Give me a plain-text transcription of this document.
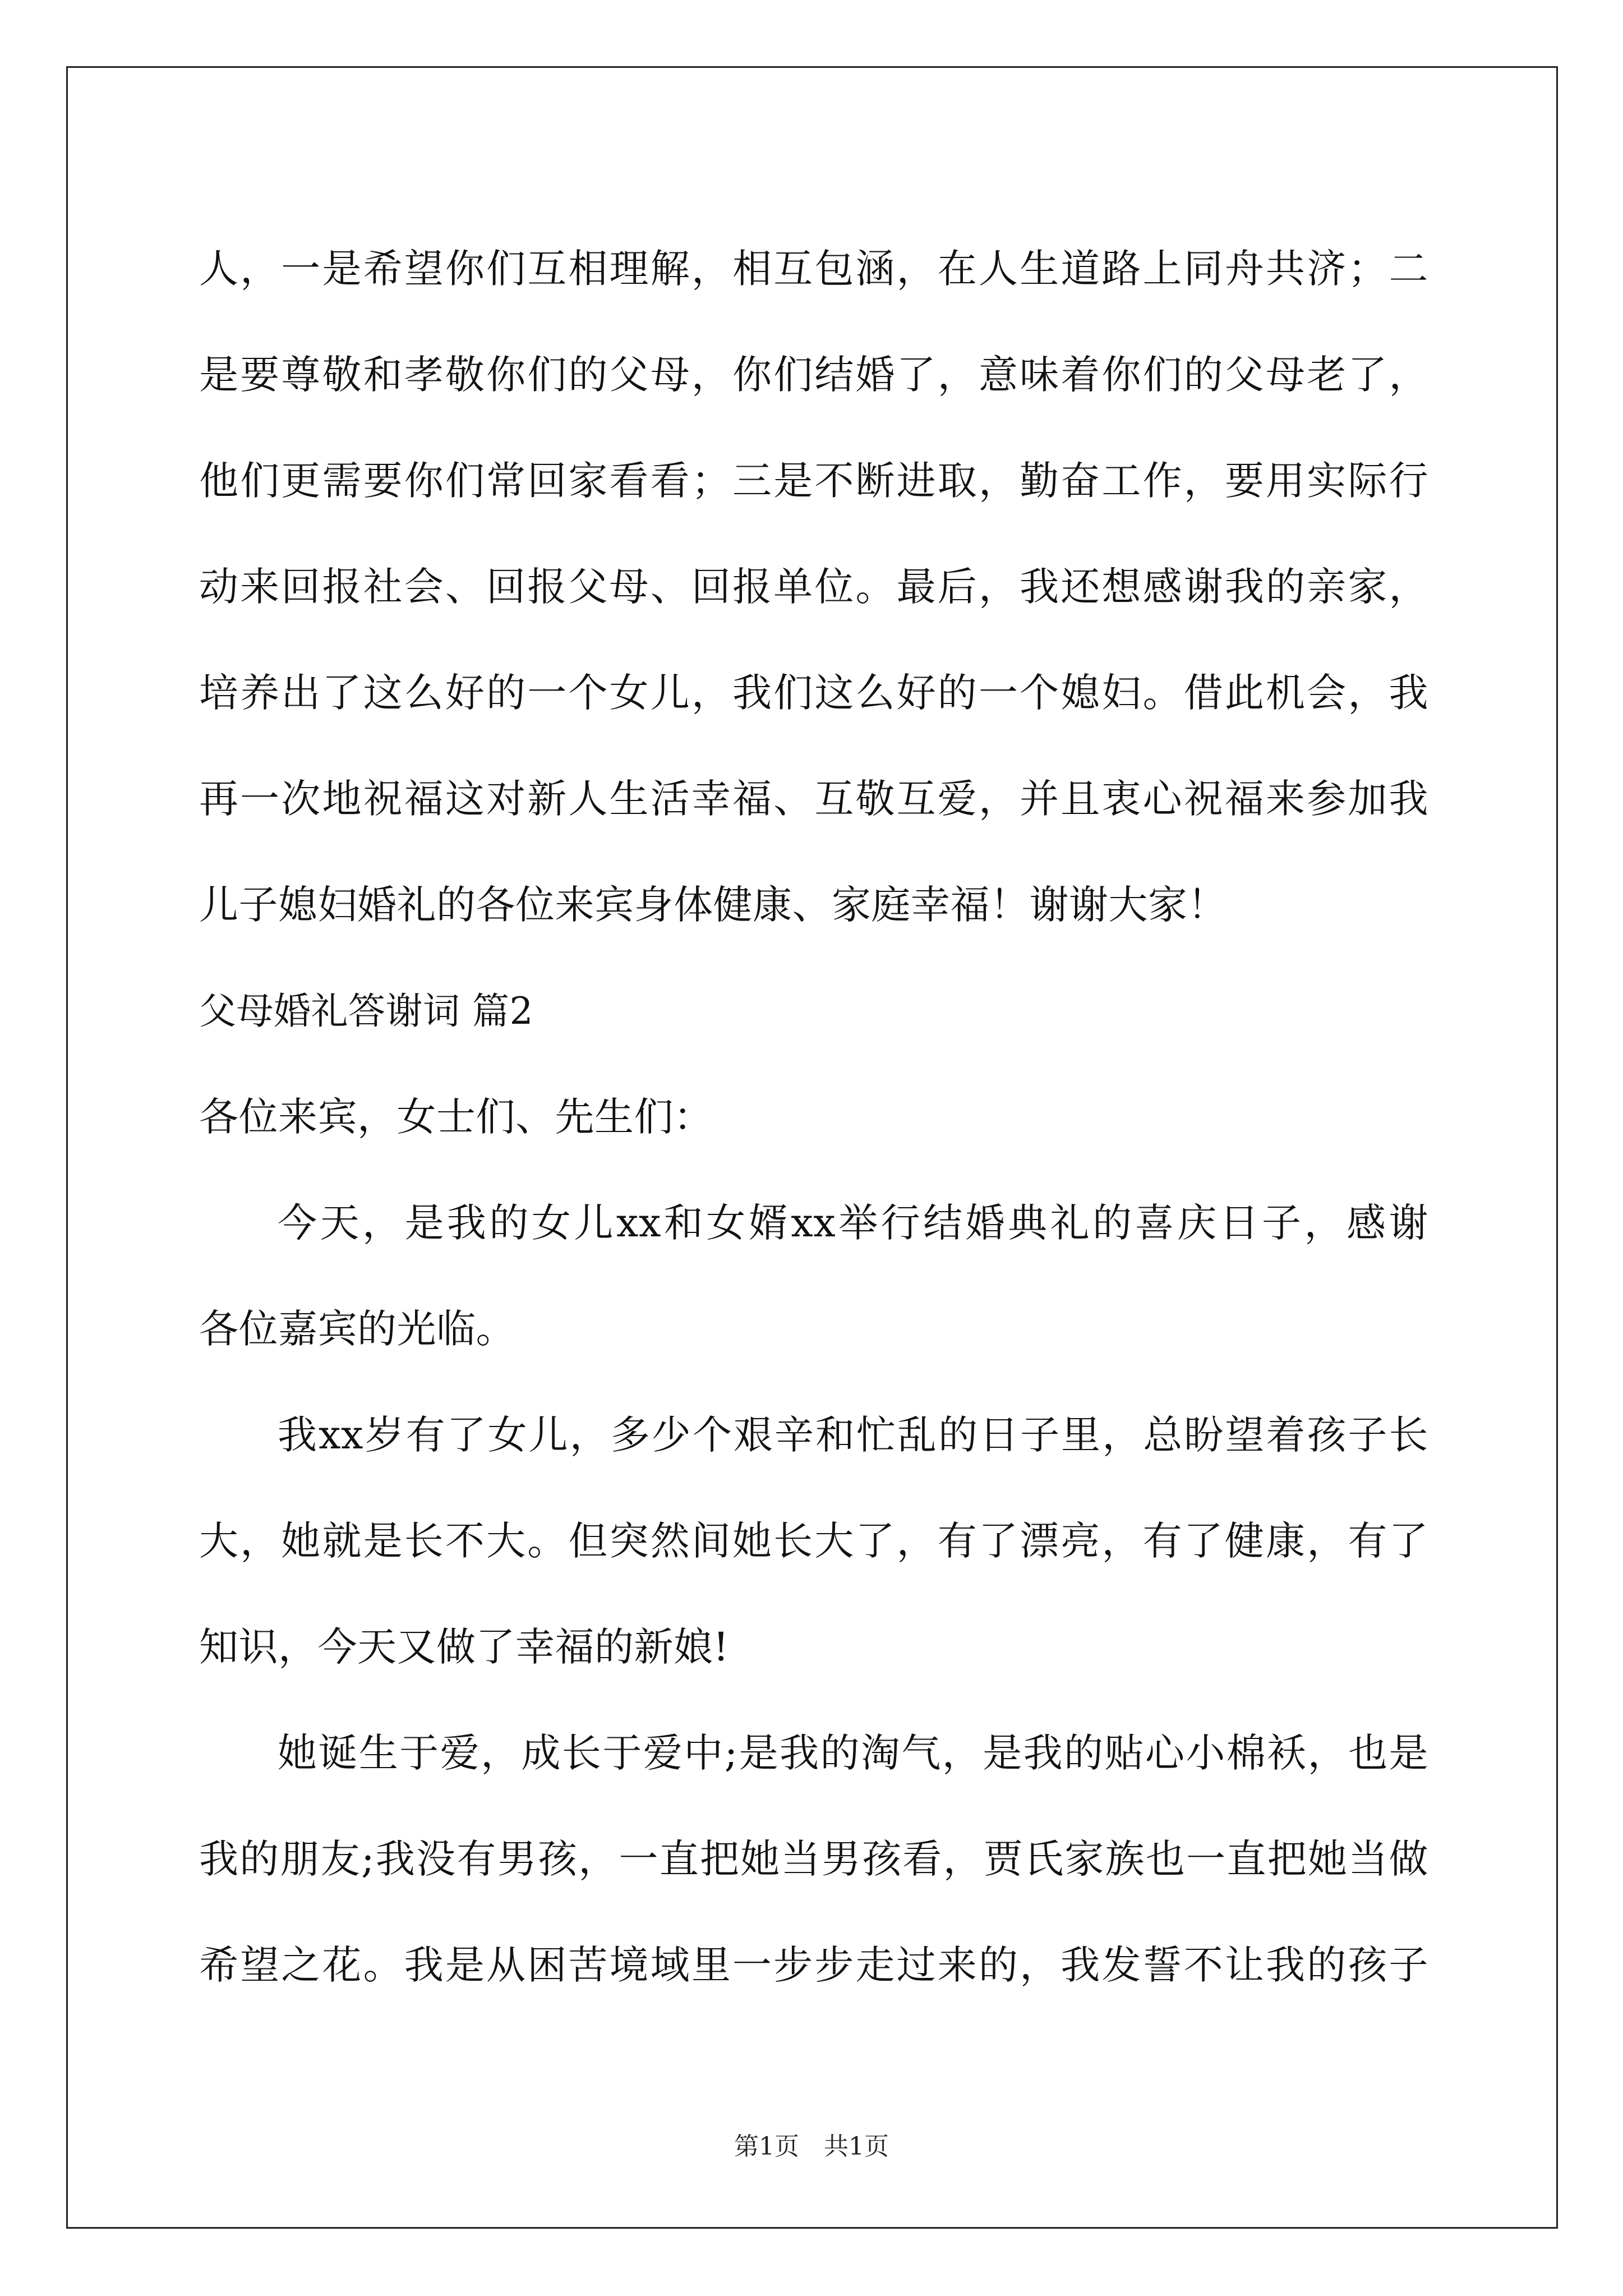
人，一是希望你们互相理解，相互包涵，在人生道路上同舟共济；二
是要尊敬和孝敬你们的父母，你们结婚了，意味着你们的父母老了，
他们更需要你们常回家看看；三是不断进取，勤奋工作，要用实际行
动来回报社会、回报父母、回报单位。最后，我还想感谢我的亲家，
培养出了这么好的一个女儿，我们这么好的一个媳妇。借此机会，我
再一次地祝福这对新人生活幸福、互敬互爱，并且衷心祝福来参加我
儿子媳妇婚礼的各位来宾身体健康、家庭幸福！谢谢大家！
父母婚礼答谢词 篇2
各位来宾，女士们、先生们：
今天，是我的女儿xx和女婿xx举行结婚典礼的喜庆日子，感谢
各位嘉宾的光临。
我xx岁有了女儿，多少个艰辛和忙乱的日子里，总盼望着孩子长
大，她就是长不大。但突然间她长大了，有了漂亮，有了健康，有了
知识，今天又做了幸福的新娘!
她诞生于爱，成长于爱中;是我的淘气，是我的贴心小棉袄，也是
我的朋友;我没有男孩，一直把她当男孩看，贾氏家族也一直把她当做
希望之花。我是从困苦境域里一步步走过来的，我发誓不让我的孩子
第1页　共1页
